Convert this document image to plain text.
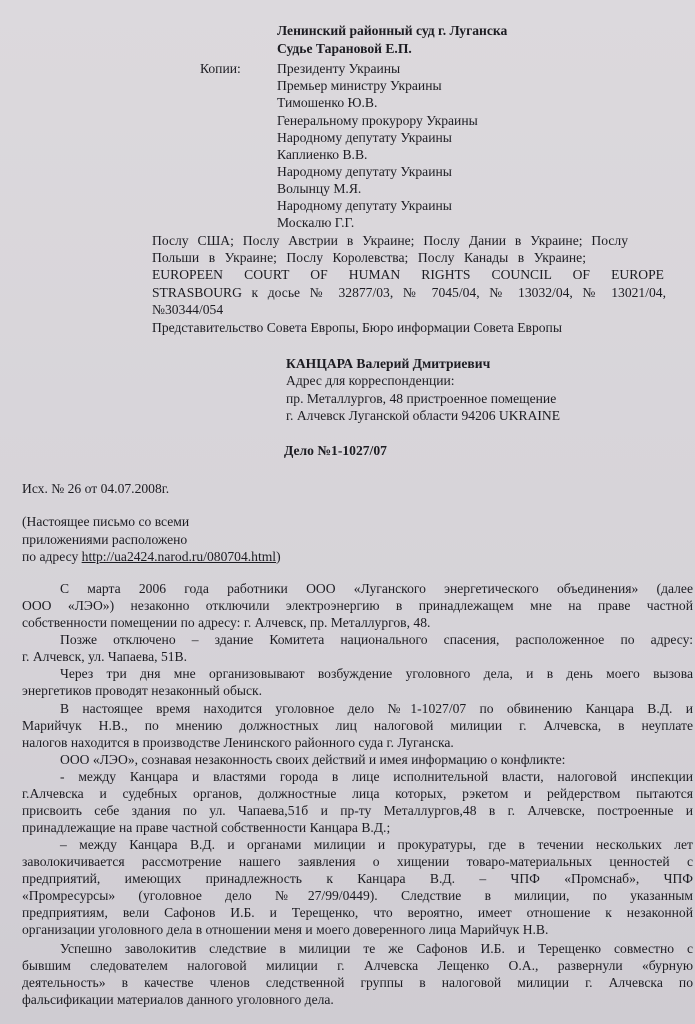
Ленинский районный суд г. Луганска
Судье Тарановой Е.П.
Копии:	Президенту Украины
Премьер министру Украины
Тимошенко Ю.В.
Генеральному прокурору Украины
Народному депутату Украины
Каплиенко В.В.
Народному депутату Украины
Волынцу М.Я.
Народному депутату Украины
Москалю Г.Г.
Послу США; Послу Австрии в Украине; Послу Дании в Украине; Послу
Польши в Украине; Послу Королевства; Послу Канады в Украине;
EUROPEEN COURT OF HUMAN RIGHTS COUNCIL OF EUROPE
STRASBOURG к досье № 32877/03, № 7045/04, № 13032/04, № 13021/04,
№30344/054
Представительство Совета Европы, Бюро информации Совета Европы
КАНЦАРА Валерий Дмитриевич
Адрес для корреспонденции:
пр. Металлургов, 48 пристроенное помещение
г. Алчевск Луганской области 94206 UKRAINE
Дело №1-1027/07
Исх. № 26 от 04.07.2008г.
(Настоящее письмо со всеми
приложениями расположено
по адресу http://ua2424.narod.ru/080704.html)
С марта 2006 года работники ООО «Луганского энергетического объединения» (далее
ООО «ЛЭО») незаконно отключили электроэнергию в принадлежащем мне на праве частной
собственности помещении по адресу: г. Алчевск, пр. Металлургов, 48.
Позже отключено – здание Комитета национального спасения, расположенное по адресу:
г. Алчевск, ул. Чапаева, 51В.
Через три дня мне организовывают возбуждение уголовного дела, и в день моего вызова
энергетиков проводят незаконный обыск.
В настоящее время находится уголовное дело №1-1027/07 по обвинению Канцара В.Д. и
Марийчук Н.В., по мнению должностных лиц налоговой милиции г. Алчевска, в неуплате
налогов находится в производстве Ленинского районного суда г. Луганска.
ООО «ЛЭО», сознавая незаконность своих действий и имея информацию о конфликте:
- между Канцара и властями города в лице исполнительной власти, налоговой инспекции
г.Алчевска и судебных органов, должностные лица которых, рэкетом и рейдерством пытаются
присвоить себе здания по ул. Чапаева,51б и пр-ту Металлургов,48 в г. Алчевске, построенные и
принадлежащие на праве частной собственности Канцара В.Д.;
– между Канцара В.Д. и органами милиции и прокуратуры, где в течении нескольких лет
заволокичивается рассмотрение нашего заявления о хищении товаро-материальных ценностей с
предприятий, имеющих принадлежность к Канцара В.Д. – ЧПФ «Промснаб», ЧПФ
«Промресурсы» (уголовное дело №27/99/0449). Следствие в милиции, по указанным
предприятиям, вели Сафонов И.Б. и Терещенко, что вероятно, имеет отношение к незаконной
организации уголовного дела в отношении меня и моего доверенного лица Марийчук Н.В.
Успешно заволокитив следствие в милиции те же Сафонов И.Б. и Терещенко совместно с
бывшим следователем налоговой милиции г. Алчевска Лещенко О.А., развернули «бурную
деятельность» в качестве членов следственной группы в налоговой милиции г. Алчевска по
фальсификации материалов данного уголовного дела.
